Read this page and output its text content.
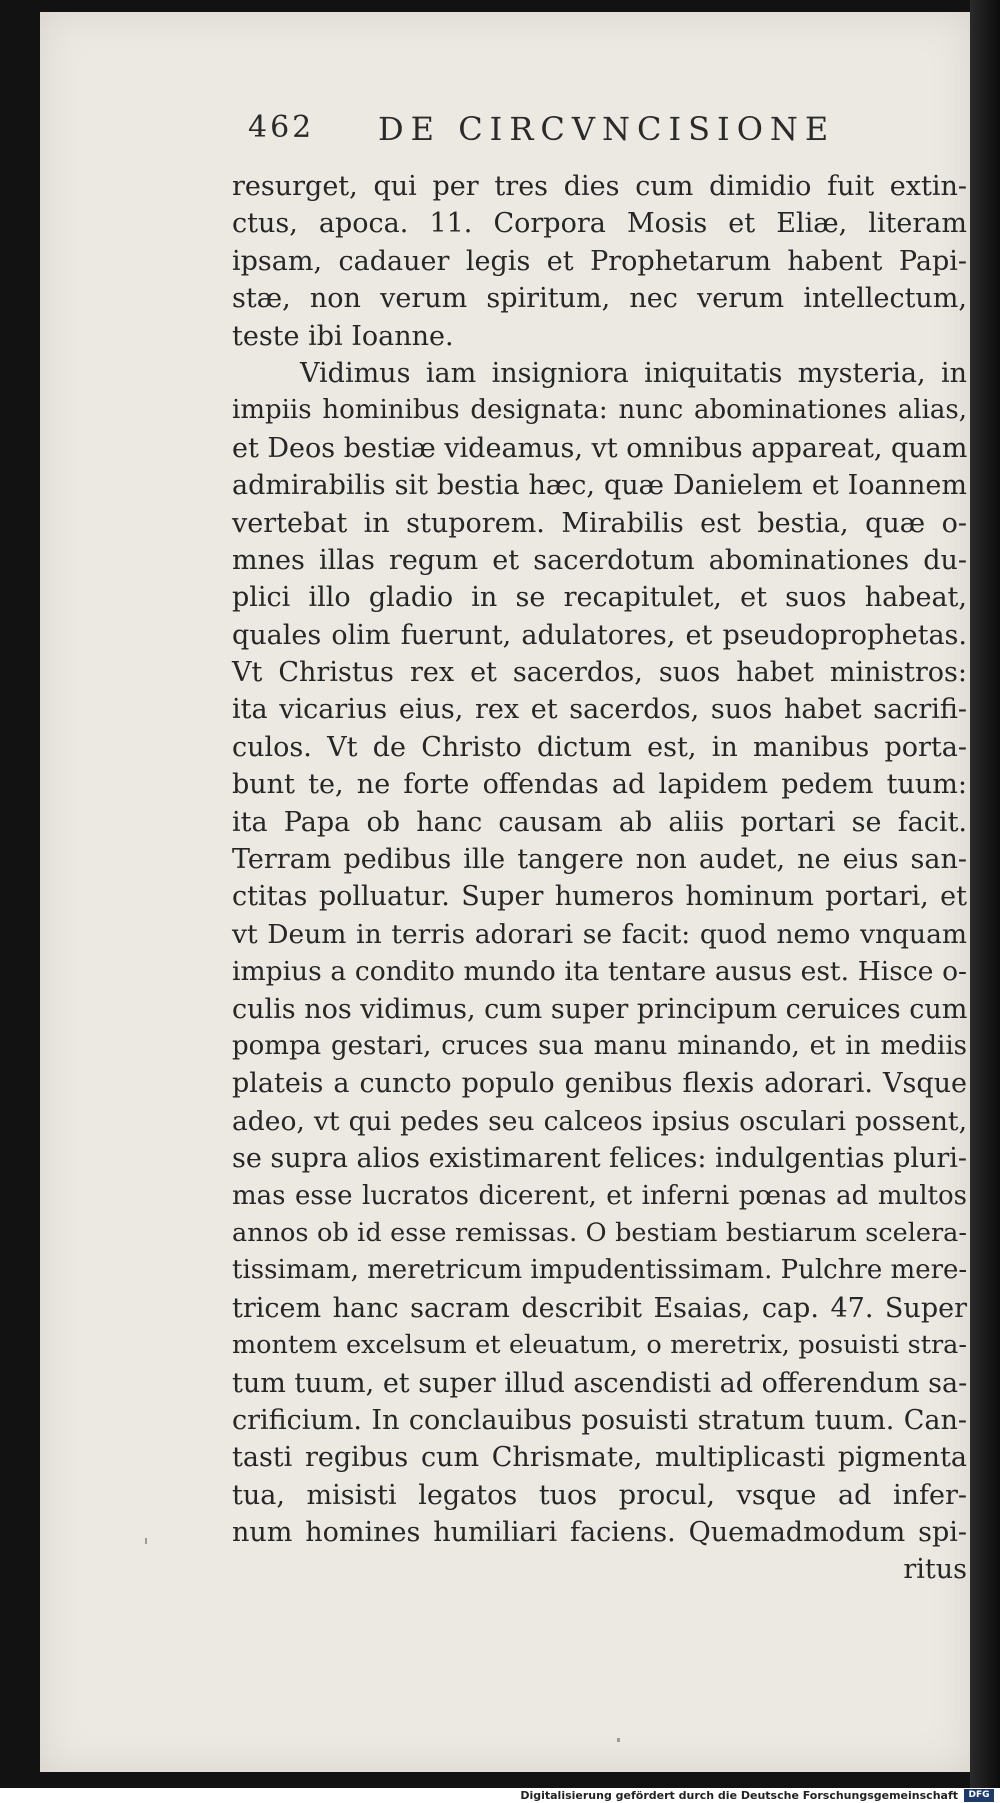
462 DE CIRCVNCISIONE
resurget, qui per tres dies cum dimidio fuit extin-
ctus, apoca. 11. Corpora Mosis et Eliæ, literam
ipsam, cadauer legis et Prophetarum habent Papi-
stæ, non verum spiritum, nec verum intellectum,
teste ibi Ioanne.
Vidimus iam insigniora iniquitatis mysteria, in
impiis hominibus designata: nunc abominationes alias,
et Deos bestiæ videamus, vt omnibus appareat, quam
admirabilis sit bestia hæc, quæ Danielem et Ioannem
vertebat in stuporem. Mirabilis est bestia, quæ o-
mnes illas regum et sacerdotum abominationes du-
plici illo gladio in se recapitulet, et suos habeat,
quales olim fuerunt, adulatores, et pseudoprophetas.
Vt Christus rex et sacerdos, suos habet ministros:
ita vicarius eius, rex et sacerdos, suos habet sacrifi-
culos. Vt de Christo dictum est, in manibus porta-
bunt te, ne forte offendas ad lapidem pedem tuum:
ita Papa ob hanc causam ab aliis portari se facit.
Terram pedibus ille tangere non audet, ne eius san-
ctitas polluatur. Super humeros hominum portari, et
vt Deum in terris adorari se facit: quod nemo vnquam
impius a condito mundo ita tentare ausus est. Hisce o-
culis nos vidimus, cum super principum ceruices cum
pompa gestari, cruces sua manu minando, et in mediis
plateis a cuncto populo genibus flexis adorari. Vsque
adeo, vt qui pedes seu calceos ipsius osculari possent,
se supra alios existimarent felices: indulgentias pluri-
mas esse lucratos dicerent, et inferni pœnas ad multos
annos ob id esse remissas. O bestiam bestiarum scelera-
tissimam, meretricum impudentissimam. Pulchre mere-
tricem hanc sacram describit Esaias, cap. 47. Super
montem excelsum et eleuatum, o meretrix, posuisti stra-
tum tuum, et super illud ascendisti ad offerendum sa-
crificium. In conclauibus posuisti stratum tuum. Can-
tasti regibus cum Chrismate, multiplicasti pigmenta
tua, misisti legatos tuos procul, vsque ad infer-
num homines humiliari faciens. Quemadmodum spi-
ritus
Digitalisierung gefördert durch die Deutsche Forschungsgemeinschaft	DFG
